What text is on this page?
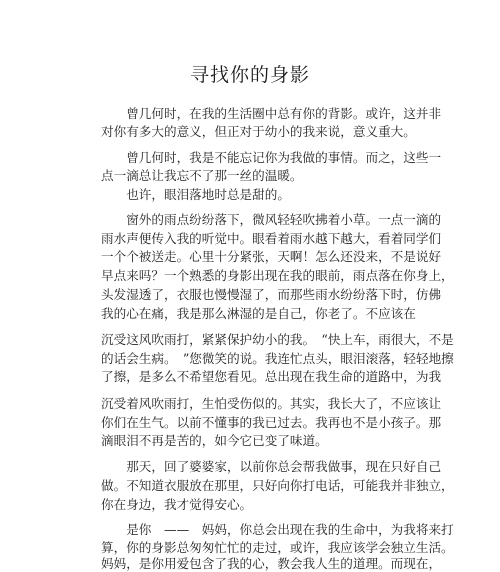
寻找你的身影
　　曾几何时，在我的生活圈中总有你的背影。或许，这并非
对你有多大的意义，但正对于幼小的我来说，意义重大。
　　曾几何时，我是不能忘记你为我做的事情。而之，这些一
点一滴总让我忘不了那一丝的温暖。
　　也许，眼泪落地时总是甜的。
　　窗外的雨点纷纷落下，微风轻轻吹拂着小草。一点一滴的
雨水声便传入我的听觉中。眼看着雨水越下越大，看着同学们
一个个被送走。心里十分紧张，天啊！怎么还没来，不是说好
早点来吗？一个熟悉的身影出现在我的眼前，雨点落在你身上，
头发湿透了，衣服也慢慢湿了，而那些雨水纷纷落下时，仿佛
我的心在痛，我是那么淋湿的是自己，你老了。不应该在
沉受这风吹雨打，紧紧保护幼小的我。　“快上车，雨很大，不是
的话会生病。　”您微笑的说。我连忙点头，眼泪滚落，轻轻地擦
了擦，是多么不希望您看见。总出现在我生命的道路中，为我
沉受着风吹雨打，生怕受伤似的。其实，我长大了，不应该让
你们在生气。以前不懂事的我已过去。我再也不是小孩子。那
滴眼泪不再是苦的，如今它已变了味道。
　　那天，回了婆婆家，以前你总会帮我做事，现在只好自己
做。不知道衣服放在那里，只好向你打电话，可能我并非独立，
你在身边，我才觉得安心。
　　是你　——　妈妈，你总会出现在我的生命中，为我将来打
算，你的身影总匆匆忙忙的走过，或许，我应该学会独立生活。
妈妈，是你用爱包含了我的心，教会我人生的道理。而现在，
